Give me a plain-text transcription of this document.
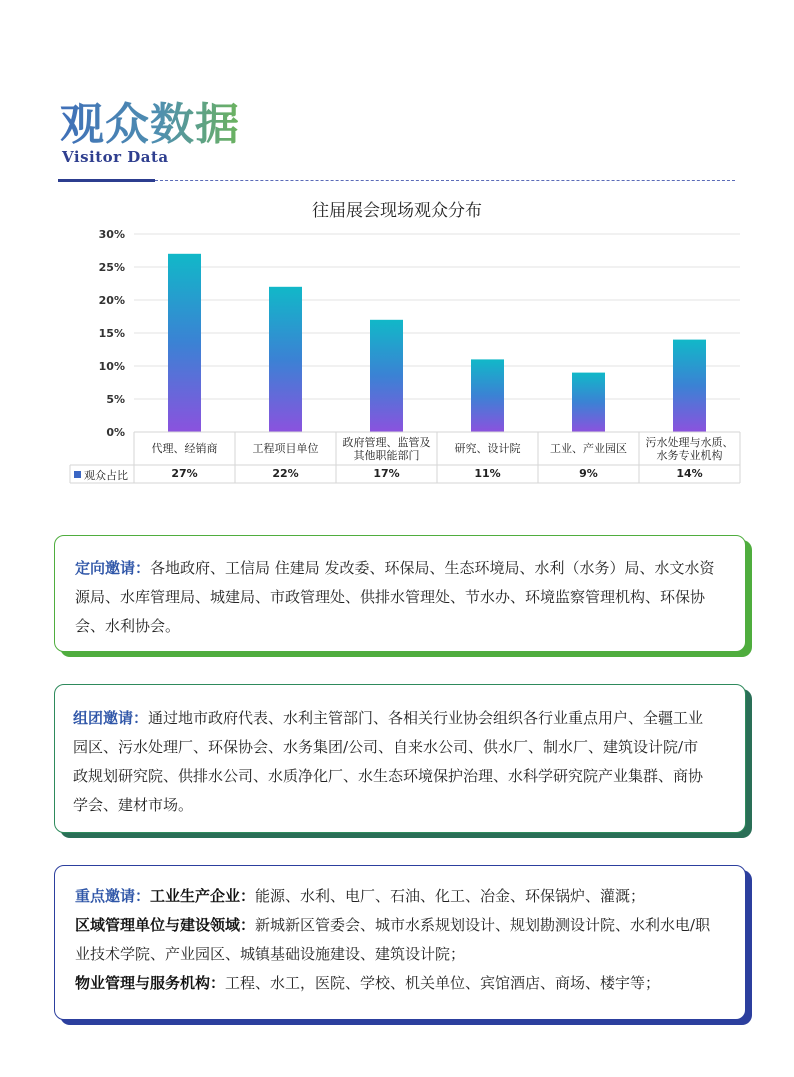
观众数据
Visitor Data
往届展会现场观众分布
0%
5%
10%
15%
20%
25%
30%
代理、经销商
27%
工程项目单位
22%
政府管理、监管及
其他职能部门
17%
研究、设计院
11%
工业、产业园区
9%
污水处理与水质、
水务专业机构
14%
观众占比
定向邀请：各地政府、工信局 住建局 发改委、环保局、生态环境局、水利（水务）局、水文水资源局、水库管理局、城建局、市政管理处、供排水管理处、节水办、环境监察管理机构、环保协会、水利协会。
组团邀请：通过地市政府代表、水利主管部门、各相关行业协会组织各行业重点用户、全疆工业园区、污水处理厂、环保协会、水务集团/公司、自来水公司、供水厂、制水厂、建筑设计院/市政规划研究院、供排水公司、水质净化厂、水生态环境保护治理、水科学研究院产业集群、商协学会、建材市场。
重点邀请：工业生产企业：能源、水利、电厂、石油、化工、冶金、环保锅炉、灌溉；
区域管理单位与建设领域：新城新区管委会、城市水系规划设计、规划勘测设计院、水利水电/职业技术学院、产业园区、城镇基础设施建设、建筑设计院；
物业管理与服务机构：工程、水工，医院、学校、机关单位、宾馆酒店、商场、楼宇等；
